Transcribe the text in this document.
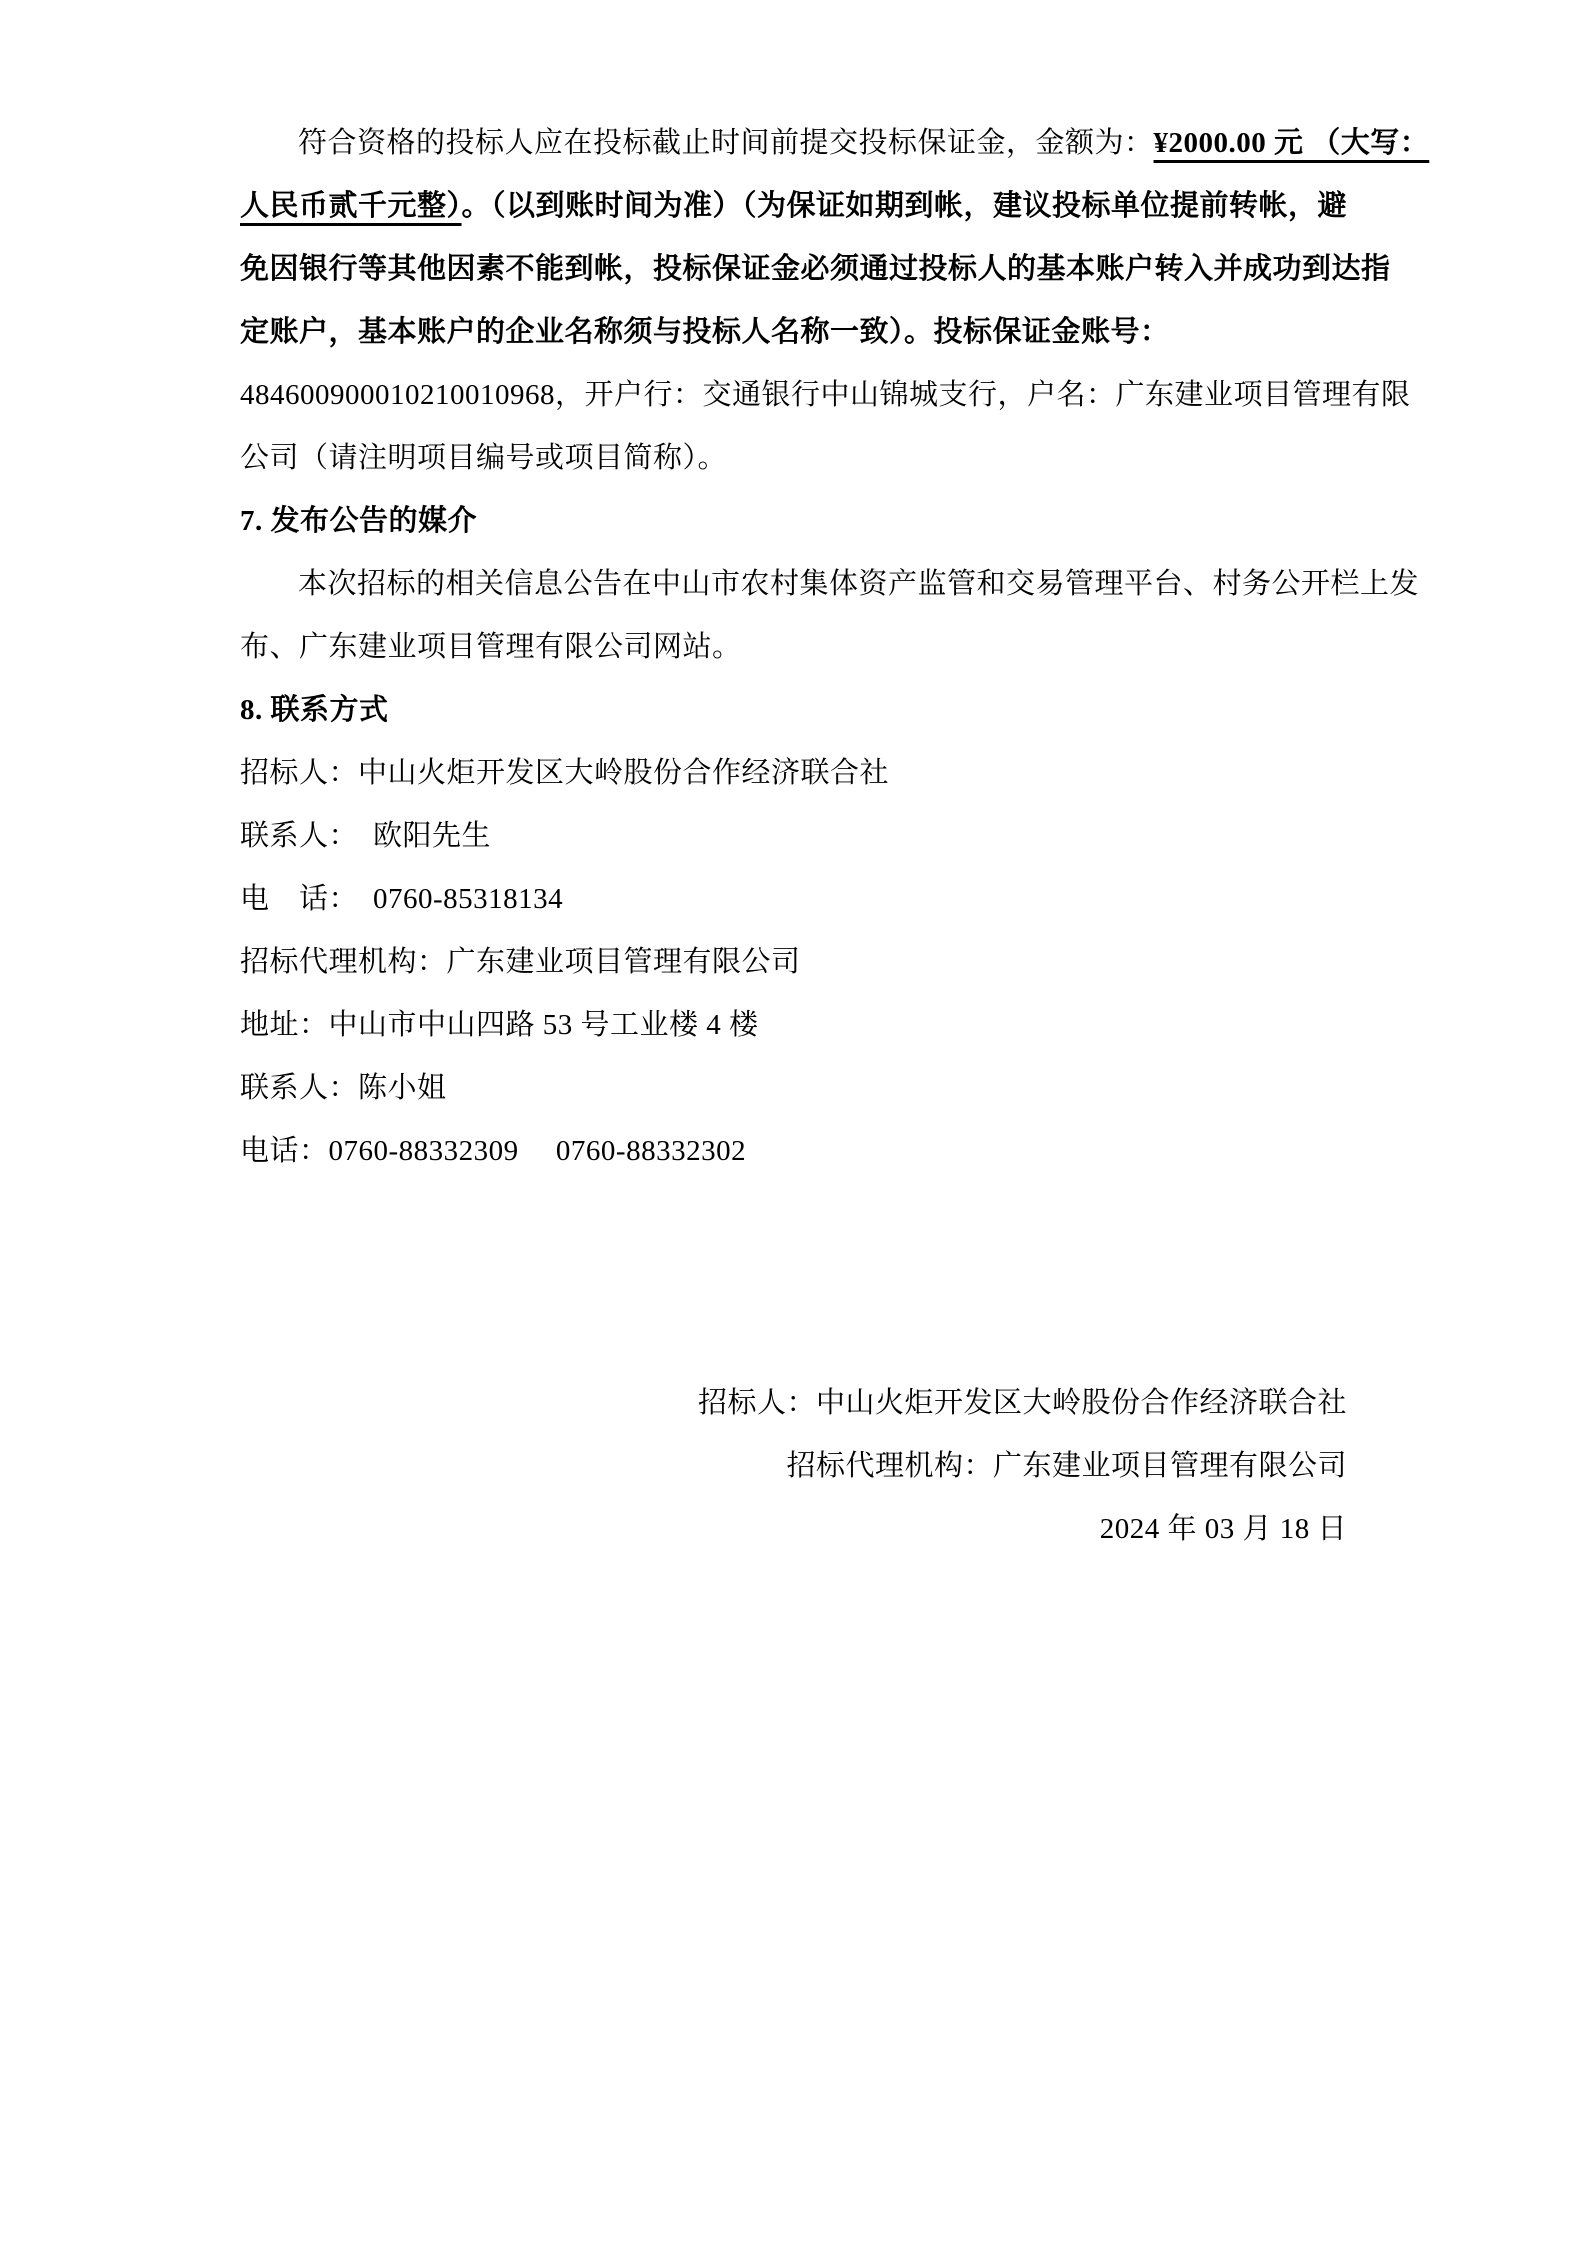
符合资格的投标人应在投标截止时间前提交投标保证金，金额为：¥2000.00 元 （大写：
人民币贰千元整）。（以到账时间为准）（为保证如期到帐，建议投标单位提前转帐，避
免因银行等其他因素不能到帐，投标保证金必须通过投标人的基本账户转入并成功到达指
定账户，基本账户的企业名称须与投标人名称一致）。投标保证金账号：
484600900010210010968，开户行：交通银行中山锦城支行，户名：广东建业项目管理有限
公司（请注明项目编号或项目简称）。
7. 发布公告的媒介
本次招标的相关信息公告在中山市农村集体资产监管和交易管理平台、村务公开栏上发
布、广东建业项目管理有限公司网站。
8. 联系方式
招标人：中山火炬开发区大岭股份合作经济联合社
联系人：　欧阳先生
电　话：　0760-85318134
招标代理机构：广东建业项目管理有限公司
地址：中山市中山四路 53 号工业楼 4 楼
联系人：陈小姐
电话：0760-88332309　 0760-88332302
招标人：中山火炬开发区大岭股份合作经济联合社
招标代理机构：广东建业项目管理有限公司
2024 年 03 月 18 日
